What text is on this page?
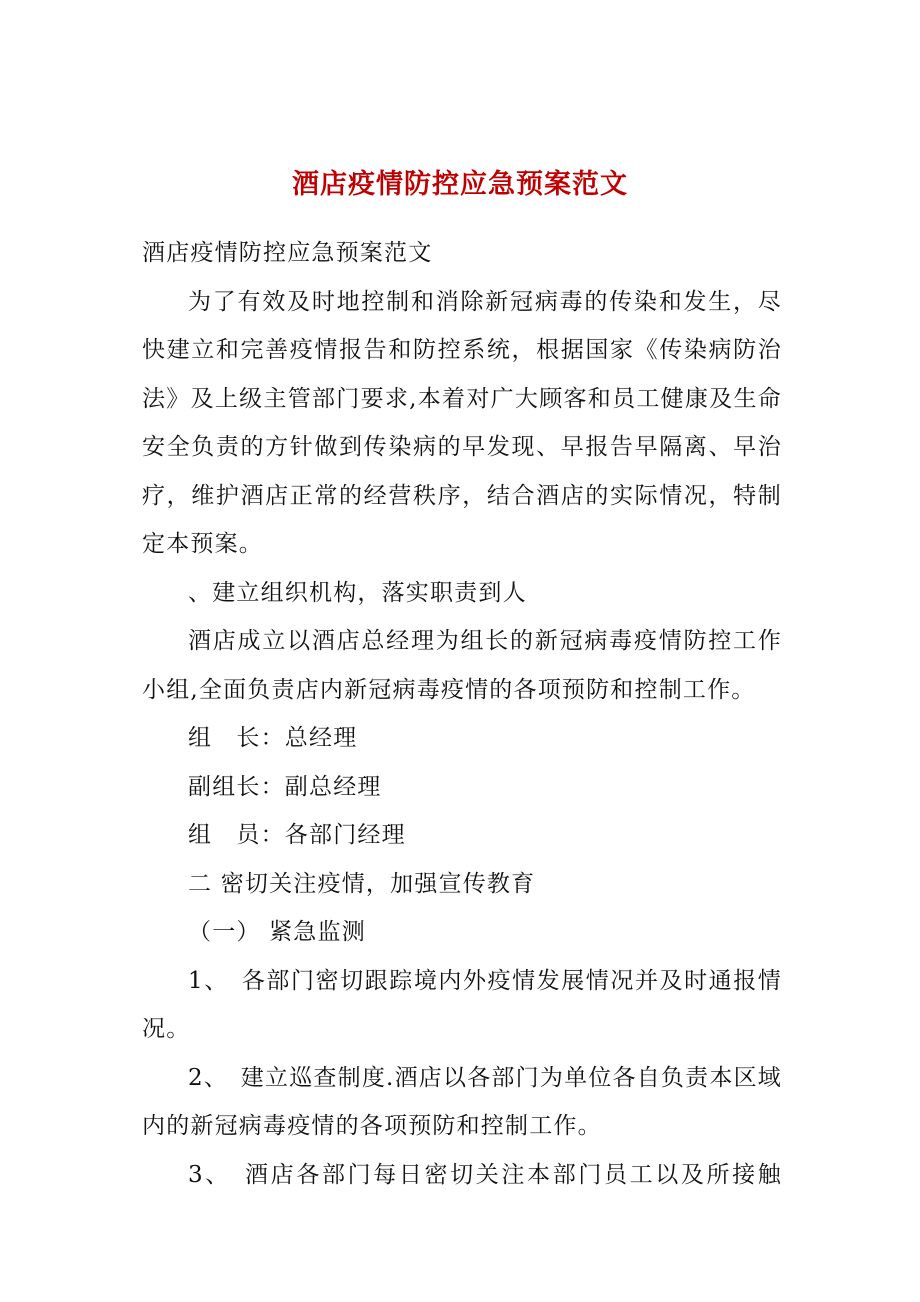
酒店疫情防控应急预案范文

酒店疫情防控应急预案范文

为了有效及时地控制和消除新冠病毒的传染和发生，尽快建立和完善疫情报告和防控系统，根据国家《传染病防治法》及上级主管部门要求,本着对广大顾客和员工健康及生命安全负责的方针做到传染病的早发现、早报告早隔离、早治疗，维护酒店正常的经营秩序，结合酒店的实际情况，特制定本预案。

、建立组织机构，落实职责到人

酒店成立以酒店总经理为组长的新冠病毒疫情防控工作小组,全面负责店内新冠病毒疫情的各项预防和控制工作。

组　长：总经理

副组长：副总经理

组　员：各部门经理

二 密切关注疫情，加强宣传教育

（一） 紧急监测

1、　各部门密切跟踪境内外疫情发展情况并及时通报情况。

2、　建立巡查制度.酒店以各部门为单位各自负责本区域内的新冠病毒疫情的各项预防和控制工作。

3、　酒店各部门每日密切关注本部门员工以及所接触
